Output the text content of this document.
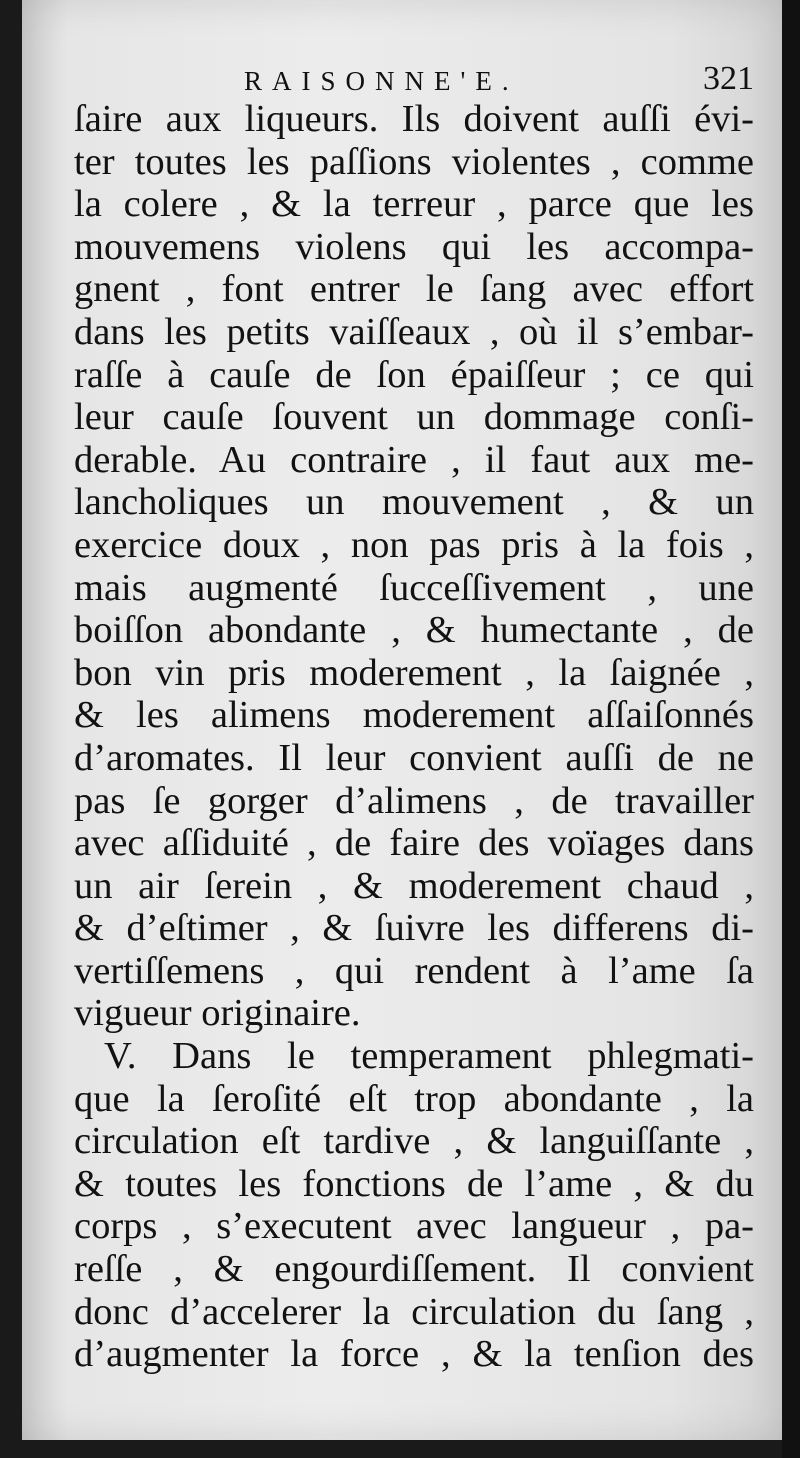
RAISONNE'E.	321
ſaire aux liqueurs. Ils doivent auſſi évi-
ter toutes les paſſions violentes , comme
la colere , & la terreur , parce que les
mouvemens violens qui les accompa-
gnent , font entrer le ſang avec effort
dans les petits vaiſſeaux , où il s’embar-
raſſe à cauſe de ſon épaiſſeur ; ce qui
leur cauſe ſouvent un dommage conſi-
derable. Au contraire , il faut aux me-
lancholiques un mouvement , & un
exercice doux , non pas pris à la fois ,
mais augmenté ſucceſſivement , une
boiſſon abondante , & humectante , de
bon vin pris moderement , la ſaignée ,
& les alimens moderement aſſaiſonnés
d’aromates. Il leur convient auſſi de ne
pas ſe gorger d’alimens , de travailler
avec aſſiduité , de faire des voïages dans
un air ſerein , & moderement chaud ,
& d’eſtimer , & ſuivre les differens di-
vertiſſemens , qui rendent à l’ame ſa
vigueur originaire.
V. Dans le temperament phlegmati-
que la ſeroſité eſt trop abondante , la
circulation eſt tardive , & languiſſante ,
& toutes les fonctions de l’ame , & du
corps , s’executent avec langueur , pa-
reſſe , & engourdiſſement. Il convient
donc d’accelerer la circulation du ſang ,
d’augmenter la force , & la tenſion des
